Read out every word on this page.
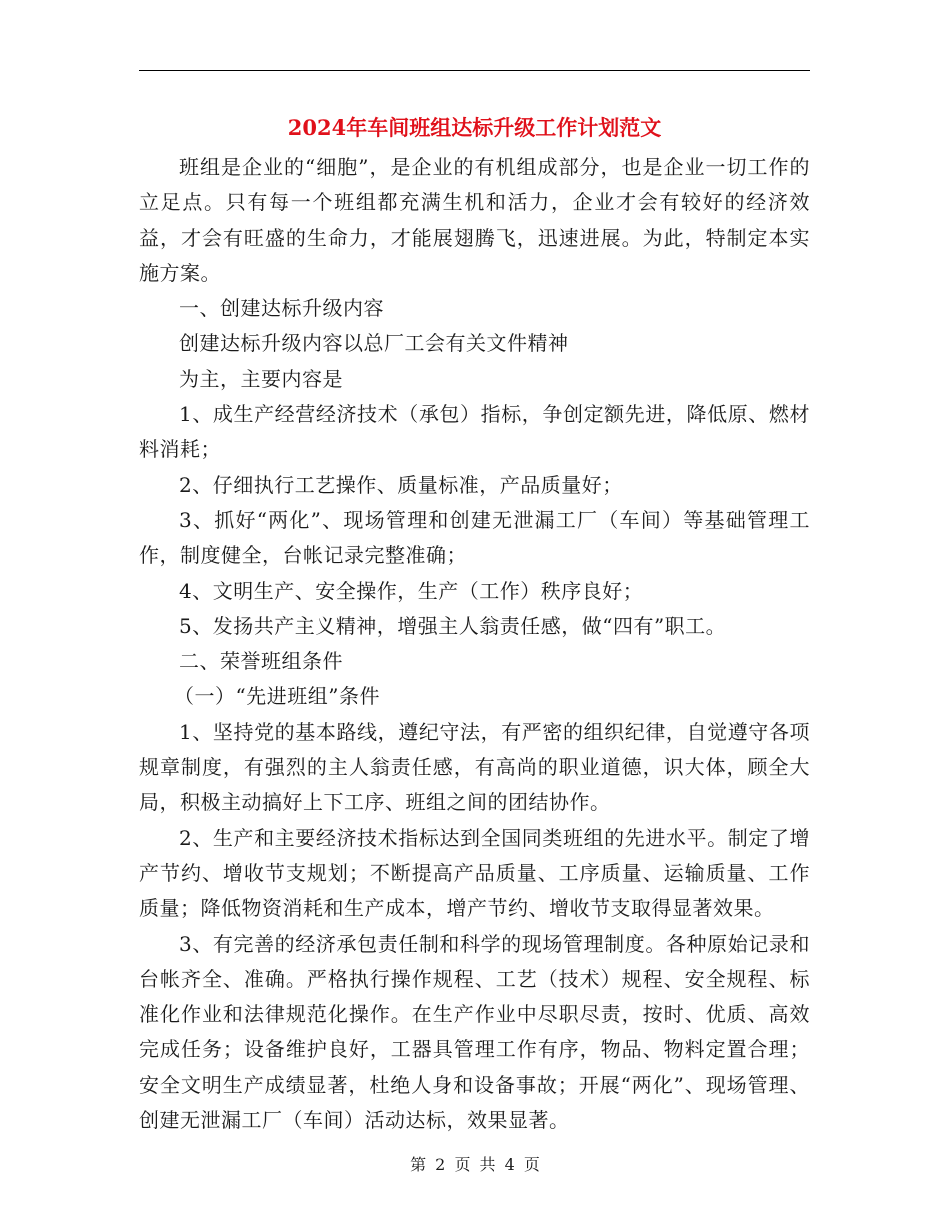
2024年车间班组达标升级工作计划范文

班组是企业的“细胞”，是企业的有机组成部分，也是企业一切工作的立足点。只有每一个班组都充满生机和活力，企业才会有较好的经济效益，才会有旺盛的生命力，才能展翅腾飞，迅速进展。为此，特制定本实施方案。

一、创建达标升级内容

创建达标升级内容以总厂工会有关文件精神

为主，主要内容是

1、成生产经营经济技术（承包）指标，争创定额先进，降低原、燃材料消耗；

2、仔细执行工艺操作、质量标准，产品质量好；

3、抓好“两化”、现场管理和创建无泄漏工厂（车间）等基础管理工作，制度健全，台帐记录完整准确；

4、文明生产、安全操作，生产（工作）秩序良好；

5、发扬共产主义精神，增强主人翁责任感，做“四有”职工。

二、荣誉班组条件

（一）“先进班组”条件

1、坚持党的基本路线，遵纪守法，有严密的组织纪律，自觉遵守各项规章制度，有强烈的主人翁责任感，有高尚的职业道德，识大体，顾全大局，积极主动搞好上下工序、班组之间的团结协作。

2、生产和主要经济技术指标达到全国同类班组的先进水平。制定了增产节约、增收节支规划；不断提高产品质量、工序质量、运输质量、工作质量；降低物资消耗和生产成本，增产节约、增收节支取得显著效果。

3、有完善的经济承包责任制和科学的现场管理制度。各种原始记录和台帐齐全、准确。严格执行操作规程、工艺（技术）规程、安全规程、标准化作业和法律规范化操作。在生产作业中尽职尽责，按时、优质、高效完成任务；设备维护良好，工器具管理工作有序，物品、物料定置合理；安全文明生产成绩显著，杜绝人身和设备事故；开展“两化”、现场管理、创建无泄漏工厂（车间）活动达标，效果显著。

第 2 页 共 4 页
